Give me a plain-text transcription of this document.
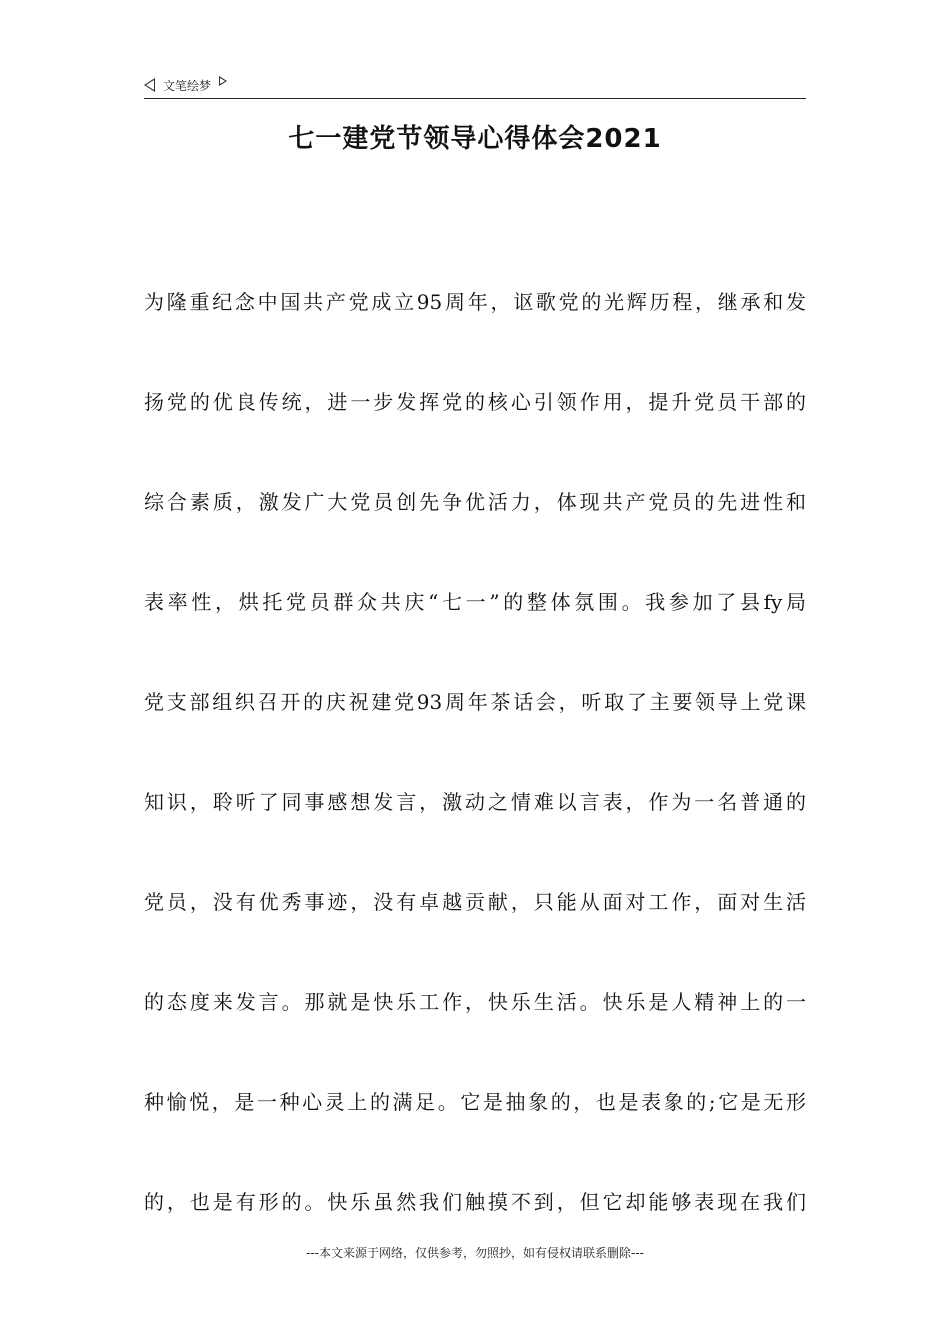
文笔绘梦
七一建党节领导心得体会2021
为隆重纪念中国共产党成立95周年，讴歌党的光辉历程，继承和发
扬党的优良传统，进一步发挥党的核心引领作用，提升党员干部的
综合素质，激发广大党员创先争优活力，体现共产党员的先进性和
表率性，烘托党员群众共庆“七一”的整体氛围。我参加了县fy局
党支部组织召开的庆祝建党93周年茶话会，听取了主要领导上党课
知识，聆听了同事感想发言，激动之情难以言表，作为一名普通的
党员，没有优秀事迹，没有卓越贡献，只能从面对工作，面对生活
的态度来发言。那就是快乐工作，快乐生活。快乐是人精神上的一
种愉悦，是一种心灵上的满足。它是抽象的，也是表象的;它是无形
的，也是有形的。快乐虽然我们触摸不到，但它却能够表现在我们
---本文来源于网络，仅供参考，勿照抄，如有侵权请联系删除---
